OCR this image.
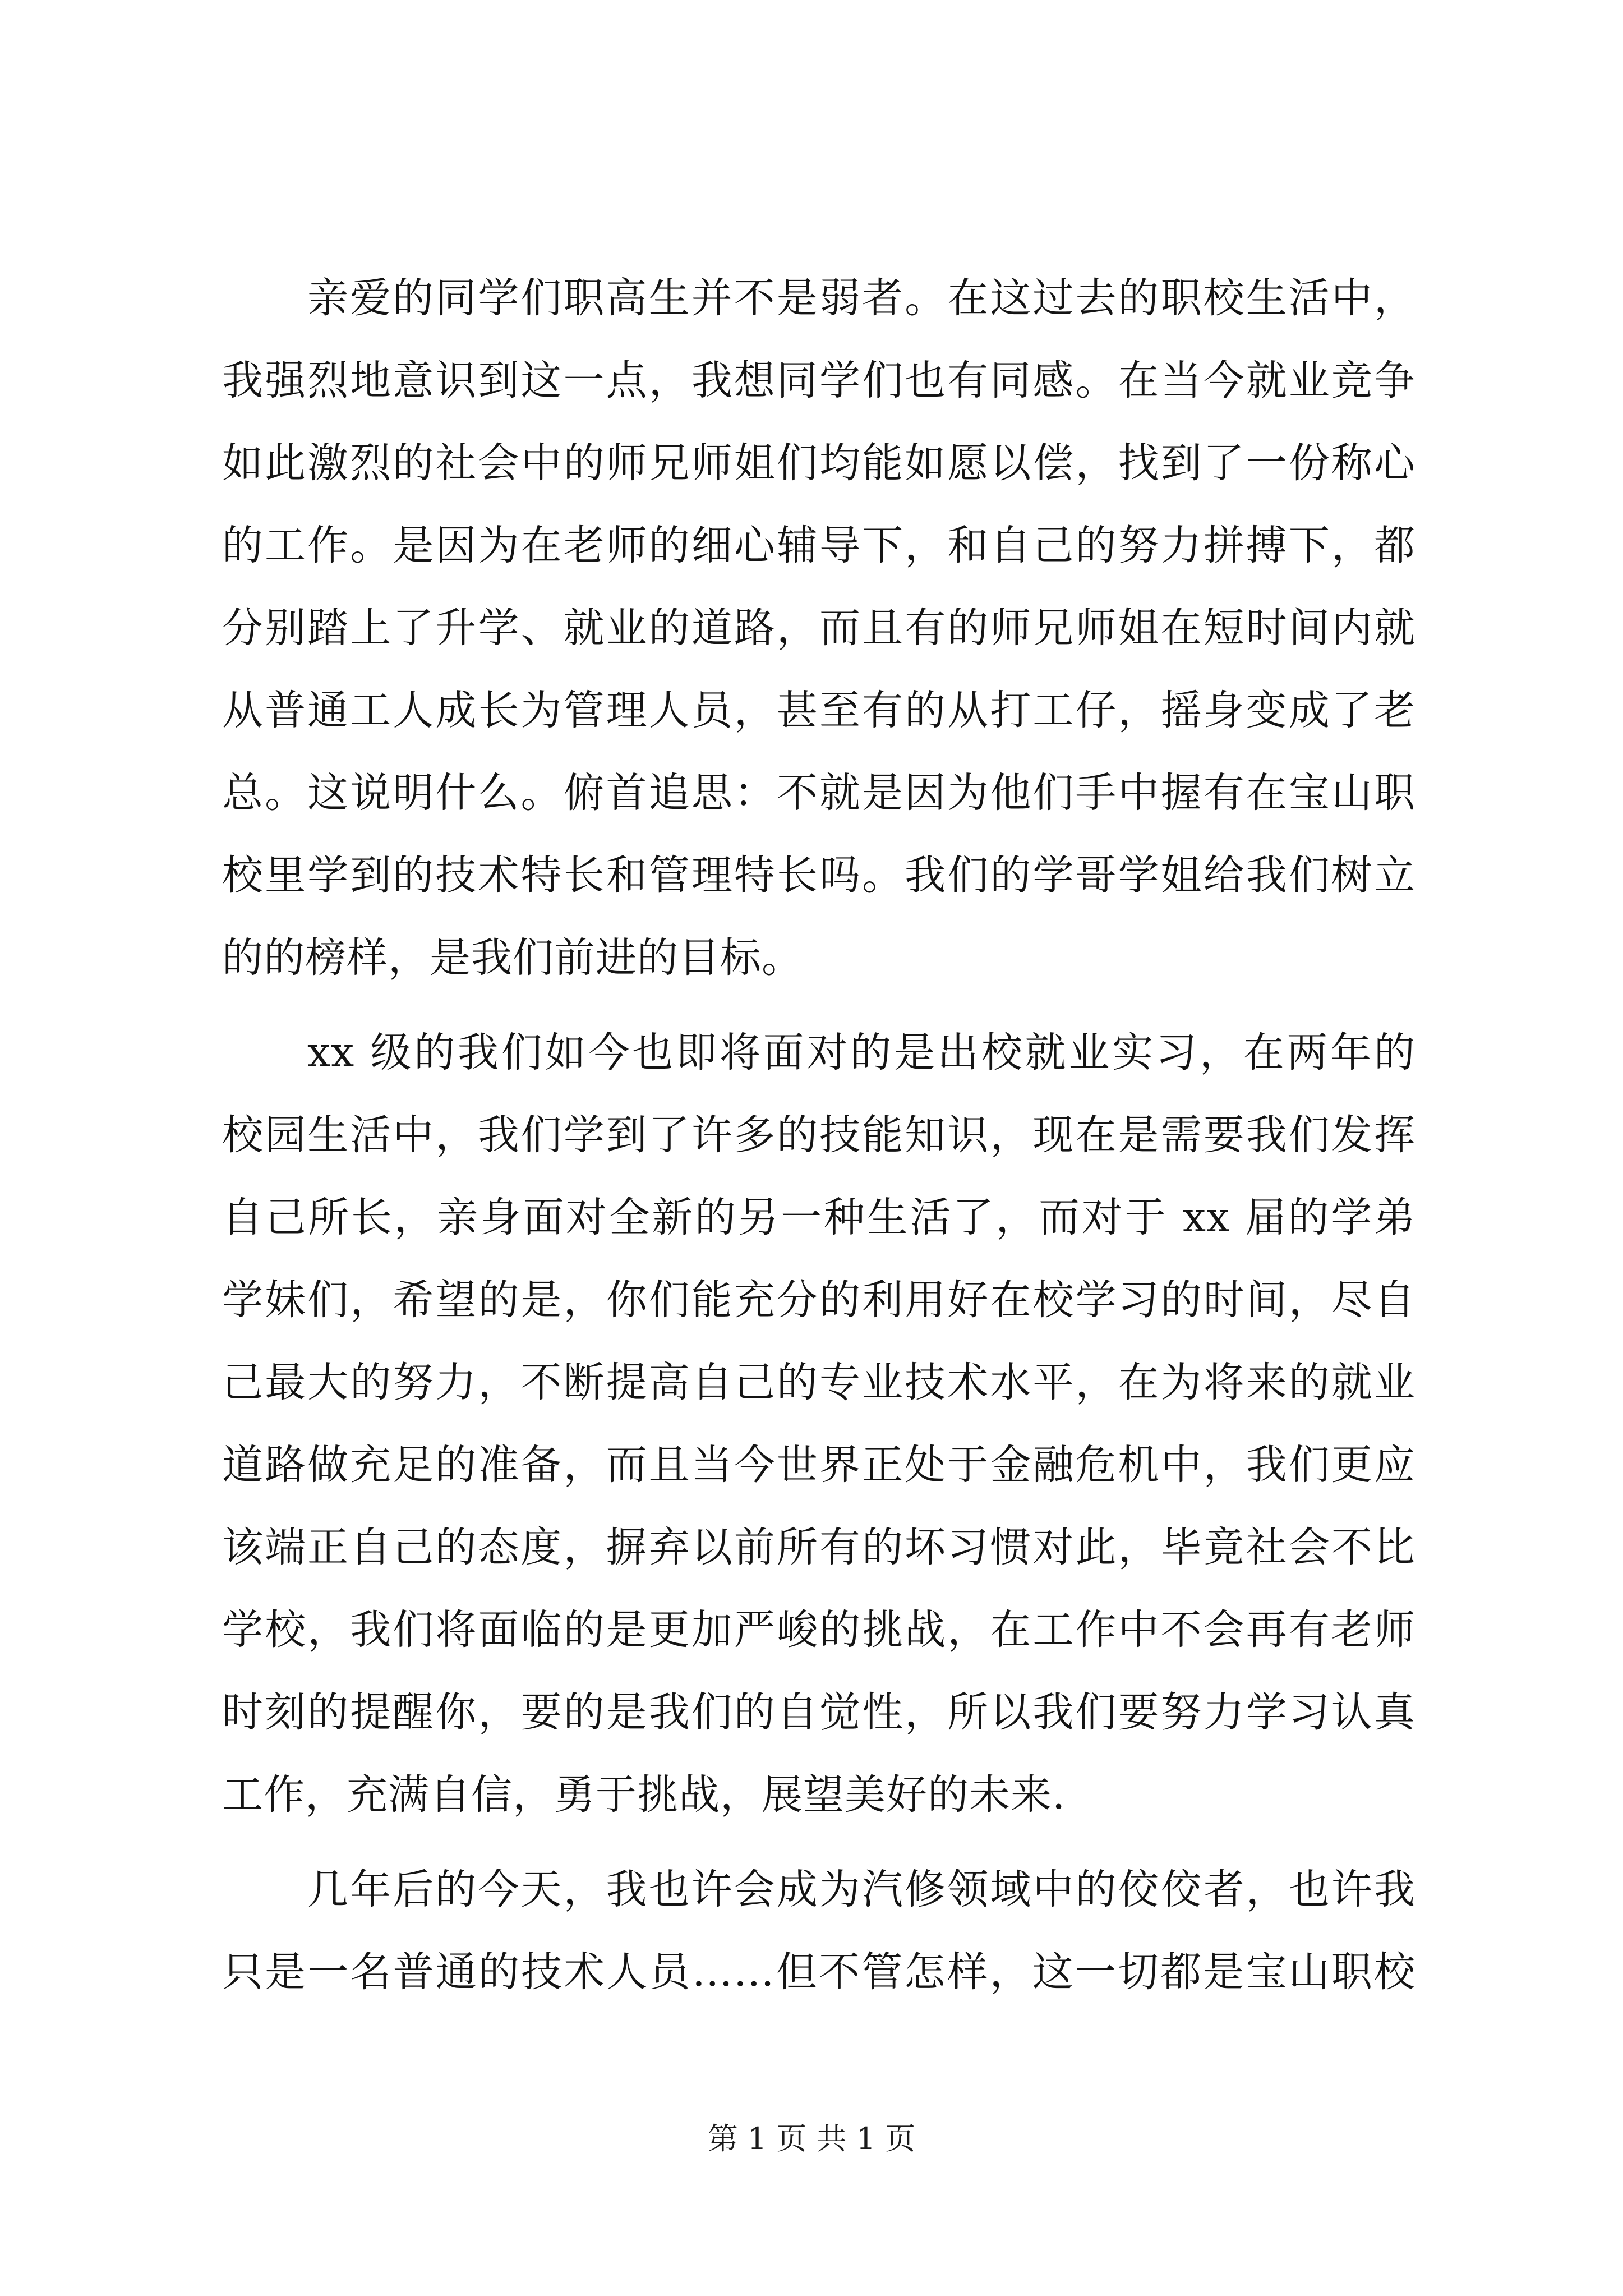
亲爱的同学们职高生并不是弱者。在这过去的职校生活中，
我强烈地意识到这一点，我想同学们也有同感。在当今就业竞争
如此激烈的社会中的师兄师姐们均能如愿以偿，找到了一份称心
的工作。是因为在老师的细心辅导下，和自己的努力拼搏下，都
分别踏上了升学、就业的道路，而且有的师兄师姐在短时间内就
从普通工人成长为管理人员，甚至有的从打工仔，摇身变成了老
总。这说明什么。俯首追思：不就是因为他们手中握有在宝山职
校里学到的技术特长和管理特长吗。我们的学哥学姐给我们树立
的的榜样，是我们前进的目标。
xx 级的我们如今也即将面对的是出校就业实习，在两年的
校园生活中，我们学到了许多的技能知识，现在是需要我们发挥
自己所长，亲身面对全新的另一种生活了，而对于 xx 届的学弟
学妹们，希望的是，你们能充分的利用好在校学习的时间，尽自
己最大的努力，不断提高自己的专业技术水平，在为将来的就业
道路做充足的准备，而且当今世界正处于金融危机中，我们更应
该端正自己的态度，摒弃以前所有的坏习惯对此，毕竟社会不比
学校，我们将面临的是更加严峻的挑战，在工作中不会再有老师
时刻的提醒你，要的是我们的自觉性，所以我们要努力学习认真
工作，充满自信，勇于挑战，展望美好的未来.
几年后的今天，我也许会成为汽修领域中的佼佼者，也许我
只是一名普通的技术人员……但不管怎样，这一切都是宝山职校
第 1 页 共 1 页
